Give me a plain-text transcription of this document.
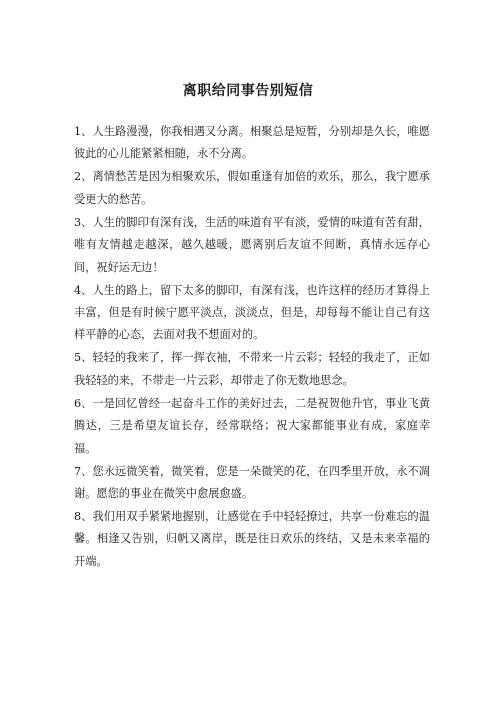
离职给同事告别短信
1、人生路漫漫，你我相遇又分离。相聚总是短暂，分别却是久长，唯愿彼此的心儿能紧紧相随，永不分离。
2、离情愁苦是因为相聚欢乐，假如重逢有加倍的欢乐，那么，我宁愿承受更大的愁苦。
3、人生的脚印有深有浅，生活的味道有平有淡，爱情的味道有苦有甜，唯有友情越走越深，越久越暖，愿离别后友谊不间断，真情永远存心间，祝好运无边！
4、人生的路上，留下太多的脚印，有深有浅，也许这样的经历才算得上丰富，但是有时候宁愿平淡点，淡淡点，但是，却每每不能让自己有这样平静的心态，去面对我不想面对的。
5、轻轻的我来了，挥一挥衣袖，不带来一片云彩；轻轻的我走了，正如我轻轻的来，不带走一片云彩，却带走了你无数地思念。
6、一是回忆曾经一起奋斗工作的美好过去，二是祝贺他升官，事业飞黄腾达，三是希望友谊长存，经常联络；祝大家都能事业有成，家庭幸福。
7、您永远微笑着，微笑着，您是一朵微笑的花，在四季里开放，永不凋谢。愿您的事业在微笑中愈展愈盛。
8、我们用双手紧紧地握别，让感觉在手中轻轻撩过，共享一份难忘的温馨。相逢又告别，归帆又离岸，既是往日欢乐的终结，又是未来幸福的开端。
